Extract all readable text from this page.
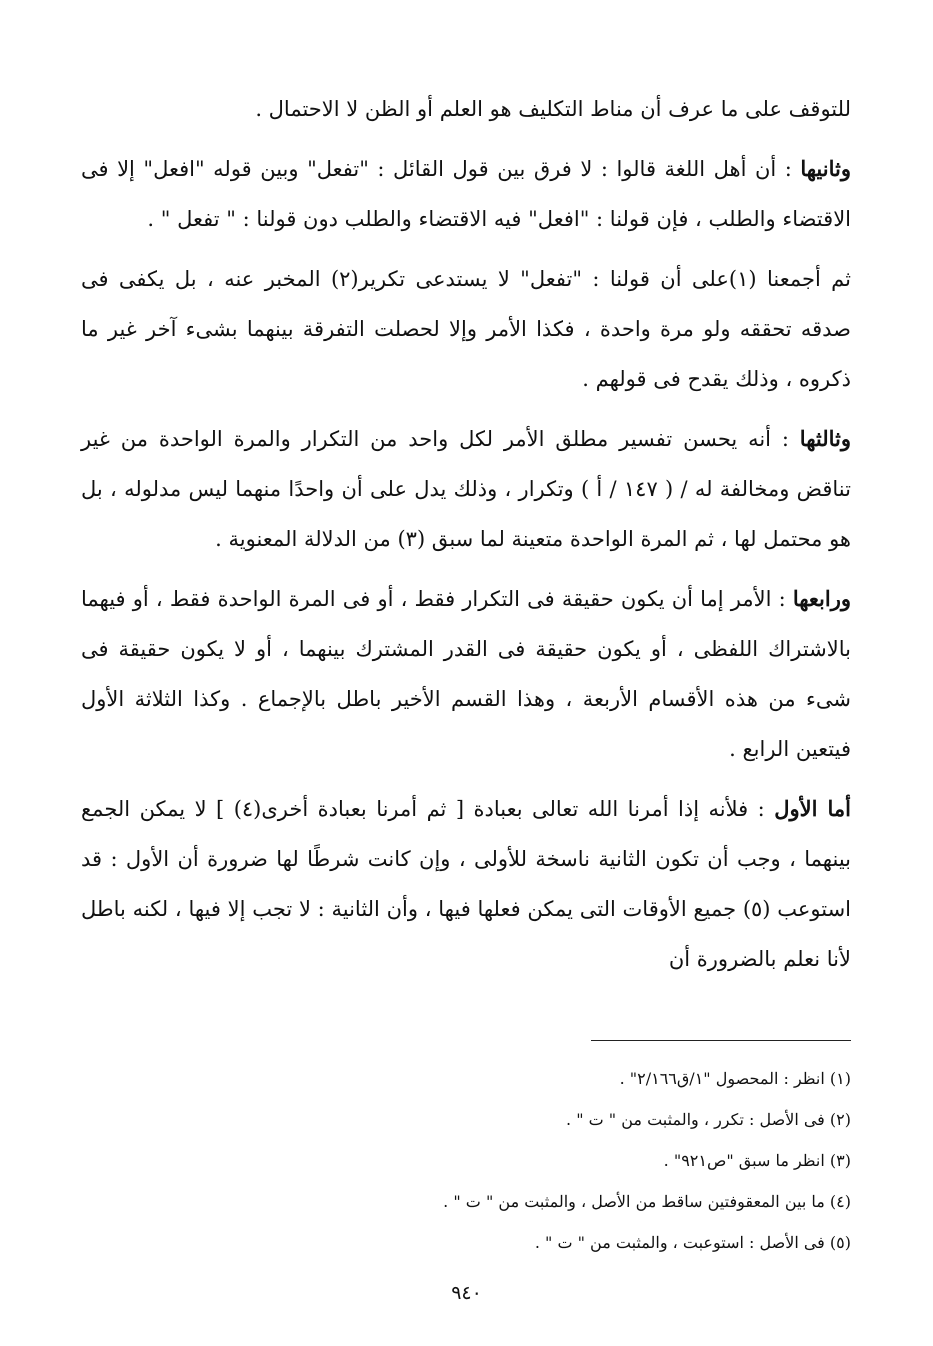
للتوقف على ما عرف أن مناط التكليف هو العلم أو الظن لا الاحتمال .

وثانيها : أن أهل اللغة قالوا : لا فرق بين قول القائل : "تفعل" وبين قوله "افعل" إلا فى الاقتضاء والطلب ، فإن قولنا : "افعل" فيه الاقتضاء والطلب دون قولنا : " تفعل " .

ثم أجمعنا (١)على أن قولنا : "تفعل" لا يستدعى تكرير(٢) المخبر عنه ، بل يكفى فى صدقه تحققه ولو مرة واحدة ، فكذا الأمر وإلا لحصلت التفرقة بينهما بشىء آخر غير ما ذكروه ، وذلك يقدح فى قولهم .

وثالثها : أنه يحسن تفسير مطلق الأمر لكل واحد من التكرار والمرة الواحدة من غير تناقض ومخالفة له / ( ١٤٧ / أ ) وتكرار ، وذلك يدل على أن واحدًا منهما ليس مدلوله ، بل هو محتمل لها ، ثم المرة الواحدة متعينة لما سبق (٣) من الدلالة المعنوية .

ورابعها : الأمر إما أن يكون حقيقة فى التكرار فقط ، أو فى المرة الواحدة فقط ، أو فيهما بالاشتراك اللفظى ، أو يكون حقيقة فى القدر المشترك بينهما ، أو لا يكون حقيقة فى شىء من هذه الأقسام الأربعة ، وهذا القسم الأخير باطل بالإجماع . وكذا الثلاثة الأول فيتعين الرابع .

أما الأول : فلأنه إذا أمرنا الله تعالى بعبادة [ ثم أمرنا بعبادة أخرى(٤) ] لا يمكن الجمع بينهما ، وجب أن تكون الثانية ناسخة للأولى ، وإن كانت شرطًا لها ضرورة أن الأول : قد استوعب (٥) جميع الأوقات التى يمكن فعلها فيها ، وأن الثانية : لا تجب إلا فيها ، لكنه باطل لأنا نعلم بالضرورة أن

(١) انظر : المحصول "١/ق٢/١٦٦" .
(٢) فى الأصل : تكرر ، والمثبت من " ت " .
(٣) انظر ما سبق "ص٩٢١" .
(٤) ما بين المعقوفتين ساقط من الأصل ، والمثبت من " ت " .
(٥) فى الأصل : استوعبت ، والمثبت من " ت " .
٩٤٠
